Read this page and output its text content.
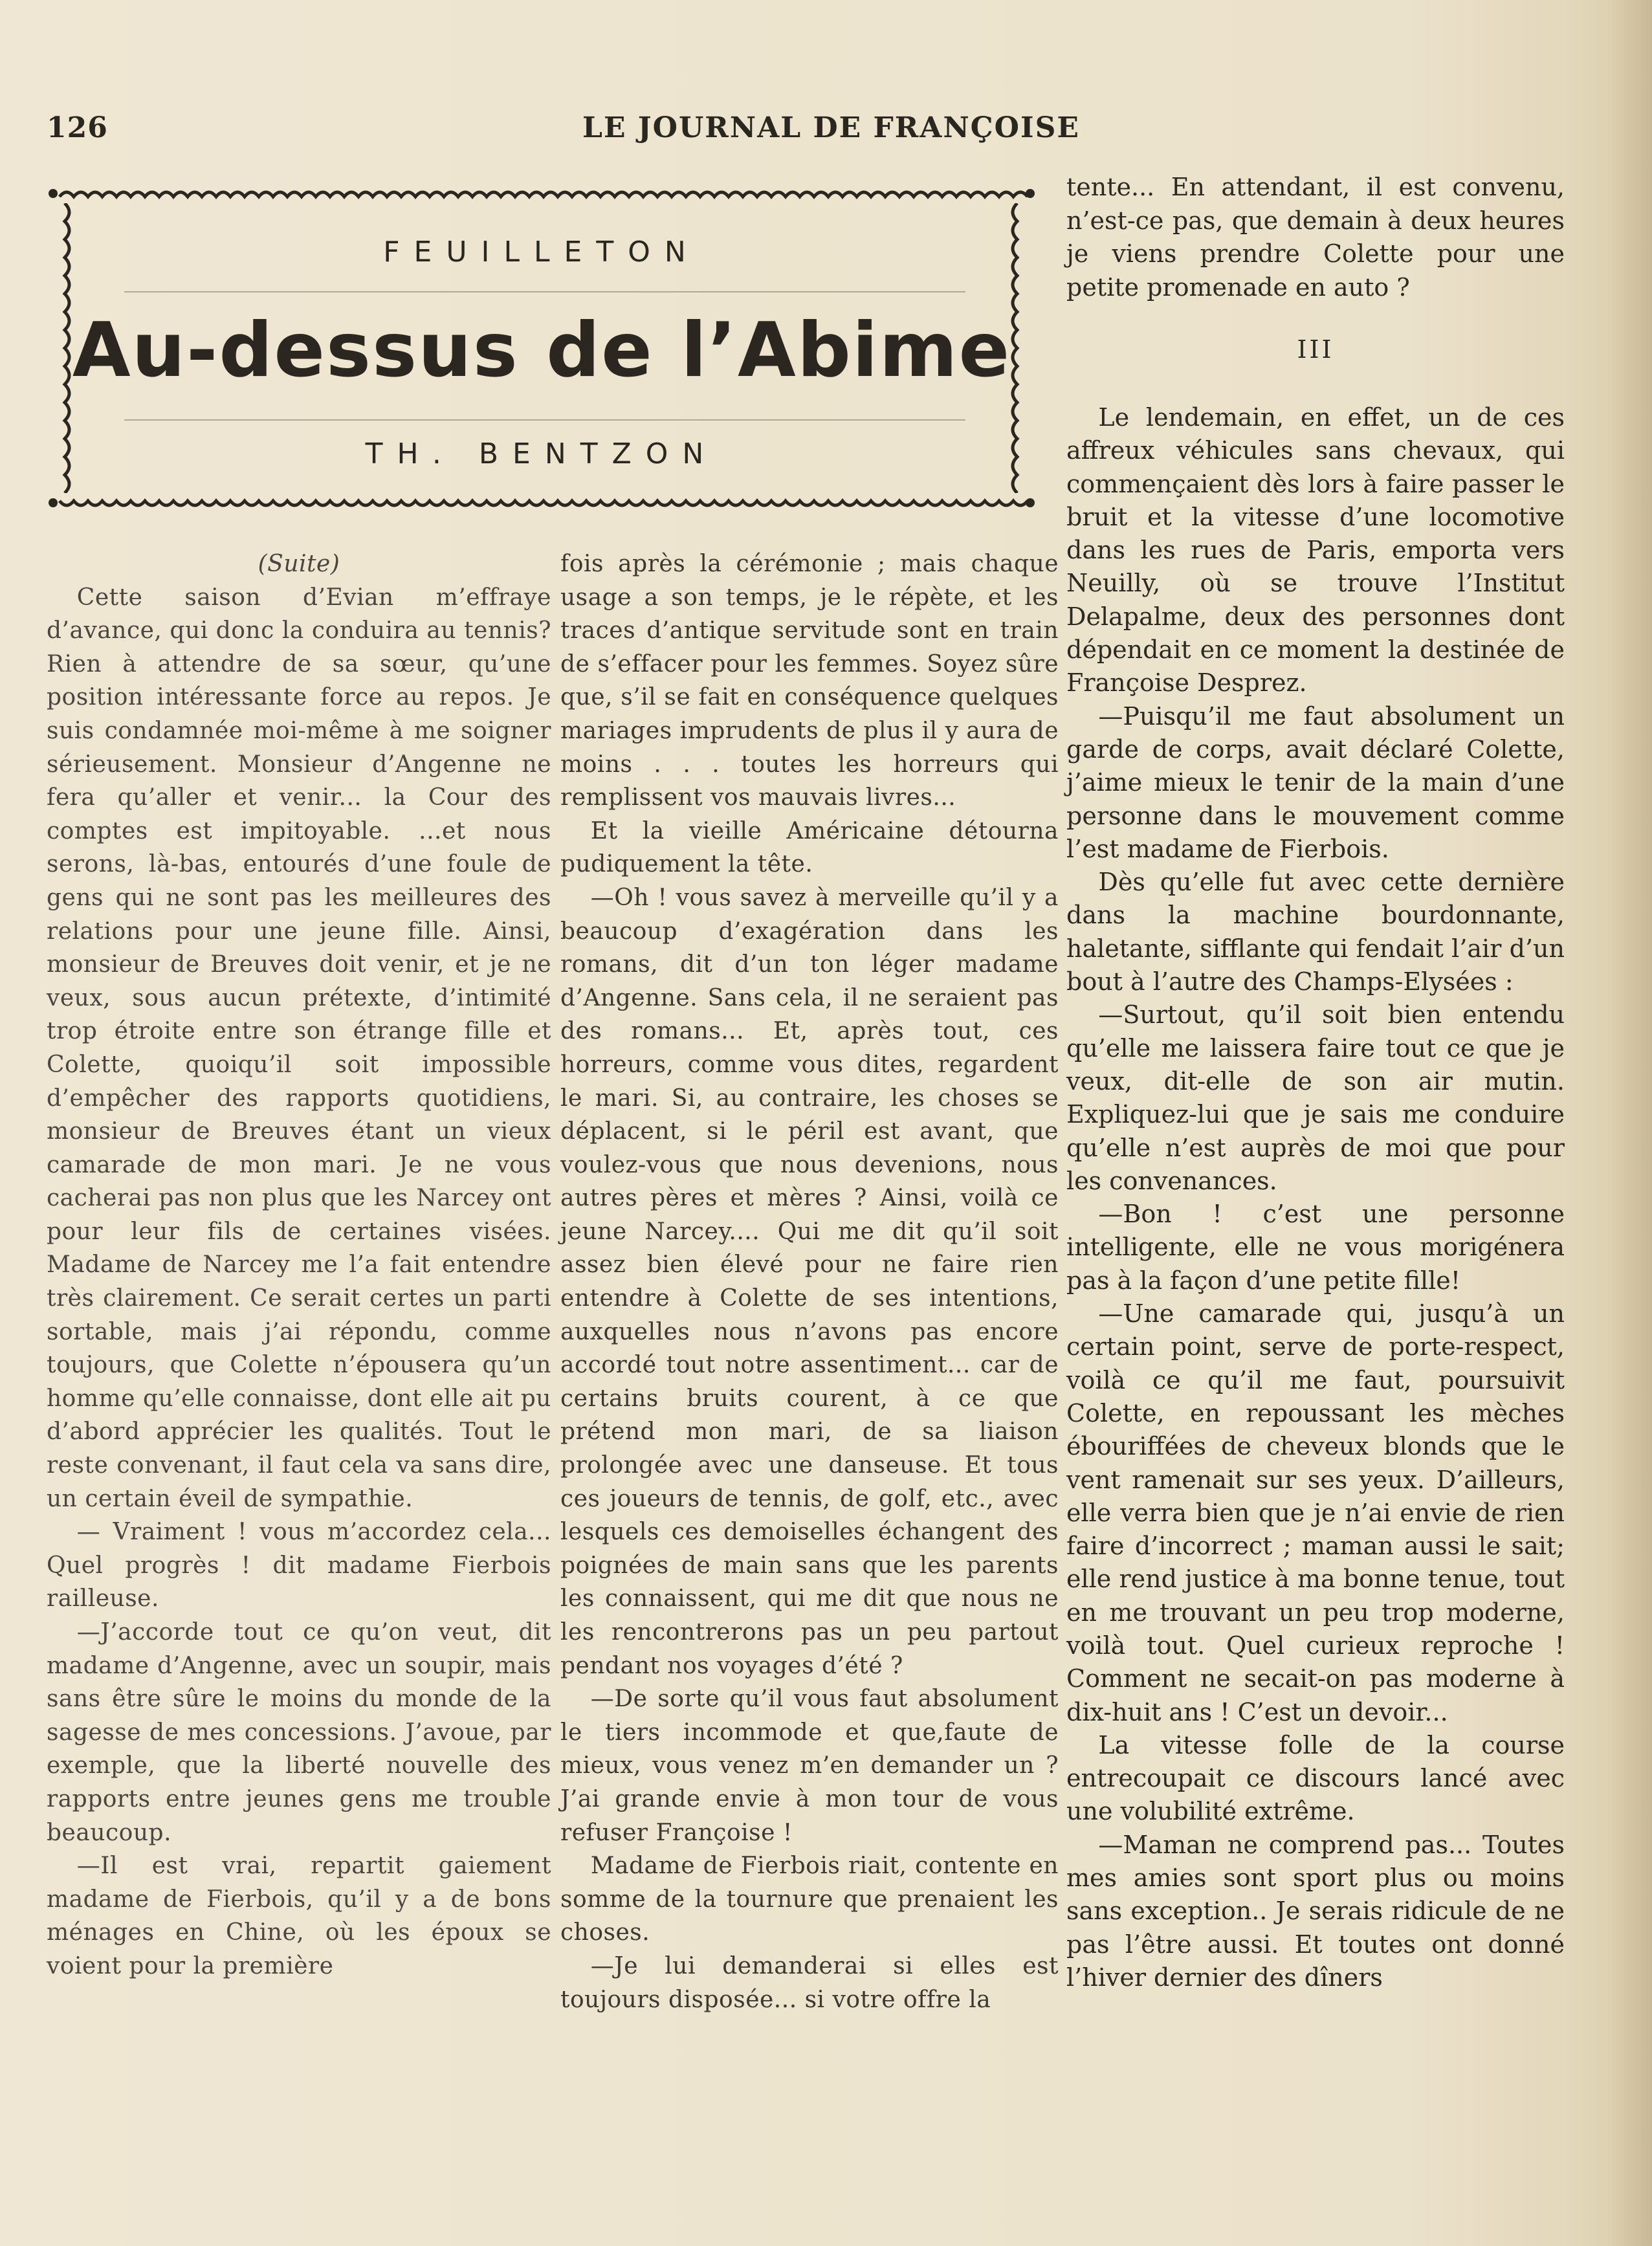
126	LE JOURNAL DE FRANÇOISE
FEUILLETON
Au-dessus de l’Abime
TH. BENTZON

(Suite)

Cette saison d’Evian m’effraye d’avance, qui donc la conduira au tennis? Rien à attendre de sa sœur, qu’une position intéressante force au repos. Je suis condamnée moi-même à me soigner sérieusement. Monsieur d’Angenne ne fera qu’aller et venir... la Cour des comptes est impitoyable. ...et nous serons, là-bas, entourés d’une foule de gens qui ne sont pas les meilleures des relations pour une jeune fille. Ainsi, monsieur de Breuves doit venir, et je ne veux, sous aucun prétexte, d’intimité trop étroite entre son étrange fille et Colette, quoiqu’il soit impossible d’empêcher des rapports quotidiens, monsieur de Breuves étant un vieux camarade de mon mari. Je ne vous cacherai pas non plus que les Narcey ont pour leur fils de certaines visées. Madame de Narcey me l’a fait entendre très clairement. Ce serait certes un parti sortable, mais j’ai répondu, comme toujours, que Colette n’épousera qu’un homme qu’elle connaisse, dont elle ait pu d’abord apprécier les qualités. Tout le reste convenant, il faut cela va sans dire, un certain éveil de sympathie.

— Vraiment ! vous m’accordez cela... Quel progrès ! dit madame Fierbois railleuse.

—J’accorde tout ce qu’on veut, dit madame d’Angenne, avec un soupir, mais sans être sûre le moins du monde de la sagesse de mes concessions. J’avoue, par exemple, que la liberté nouvelle des rapports entre jeunes gens me trouble beaucoup.

—Il est vrai, repartit gaiement madame de Fierbois, qu’il y a de bons ménages en Chine, où les époux se voient pour la première

fois après la cérémonie ; mais chaque usage a son temps, je le répète, et les traces d’antique servitude sont en train de s’effacer pour les femmes. Soyez sûre que, s’il se fait en conséquence quelques mariages imprudents de plus il y aura de moins . . . toutes les horreurs qui remplissent vos mauvais livres...

Et la vieille Américaine détourna pudiquement la tête.

—Oh ! vous savez à merveille qu’il y a beaucoup d’exagération dans les romans, dit d’un ton léger madame d’Angenne. Sans cela, il ne seraient pas des romans... Et, après tout, ces horreurs, comme vous dites, regardent le mari. Si, au contraire, les choses se déplacent, si le péril est avant, que voulez-vous que nous devenions, nous autres pères et mères ? Ainsi, voilà ce jeune Narcey.... Qui me dit qu’il soit assez bien élevé pour ne faire rien entendre à Colette de ses intentions, auxquelles nous n’avons pas encore accordé tout notre assentiment... car de certains bruits courent, à ce que prétend mon mari, de sa liaison prolongée avec une danseuse. Et tous ces joueurs de tennis, de golf, etc., avec lesquels ces demoiselles échangent des poignées de main sans que les parents les connaissent, qui me dit que nous ne les rencontrerons pas un peu partout pendant nos voyages d’été ?

—De sorte qu’il vous faut absolument le tiers incommode et que,faute de mieux, vous venez m’en demander un ? J’ai grande envie à mon tour de vous refuser Françoise !

Madame de Fierbois riait, contente en somme de la tournure que prenaient les choses.

—Je lui demanderai si elles est toujours disposée... si votre offre la

tente... En attendant, il est convenu, n’est-ce pas, que demain à deux heures je viens prendre Colette pour une petite promenade en auto ?

III

Le lendemain, en effet, un de ces affreux véhicules sans chevaux, qui commençaient dès lors à faire passer le bruit et la vitesse d’une locomotive dans les rues de Paris, emporta vers Neuilly, où se trouve l’Institut Delapalme, deux des personnes dont dépendait en ce moment la destinée de Françoise Desprez.

—Puisqu’il me faut absolument un garde de corps, avait déclaré Colette, j’aime mieux le tenir de la main d’une personne dans le mouvement comme l’est madame de Fierbois.

Dès qu’elle fut avec cette dernière dans la machine bourdonnante, haletante, sifflante qui fendait l’air d’un bout à l’autre des Champs-Elysées :

—Surtout, qu’il soit bien entendu qu’elle me laissera faire tout ce que je veux, dit-elle de son air mutin. Expliquez-lui que je sais me conduire qu’elle n’est auprès de moi que pour les convenances.

—Bon ! c’est une personne intelligente, elle ne vous morigénera pas à la façon d’une petite fille!

—Une camarade qui, jusqu’à un certain point, serve de porte-respect, voilà ce qu’il me faut, poursuivit Colette, en repoussant les mèches ébouriffées de cheveux blonds que le vent ramenait sur ses yeux. D’ailleurs, elle verra bien que je n’ai envie de rien faire d’incorrect ; maman aussi le sait; elle rend justice à ma bonne tenue, tout en me trouvant un peu trop moderne, voilà tout. Quel curieux reproche ! Comment ne secait-on pas moderne à dix-huit ans ! C’est un devoir...

La vitesse folle de la course entrecoupait ce discours lancé avec une volubilité extrême.

—Maman ne comprend pas... Toutes mes amies sont sport plus ou moins sans exception.. Je serais ridicule de ne pas l’être aussi. Et toutes ont donné l’hiver dernier des dîners
